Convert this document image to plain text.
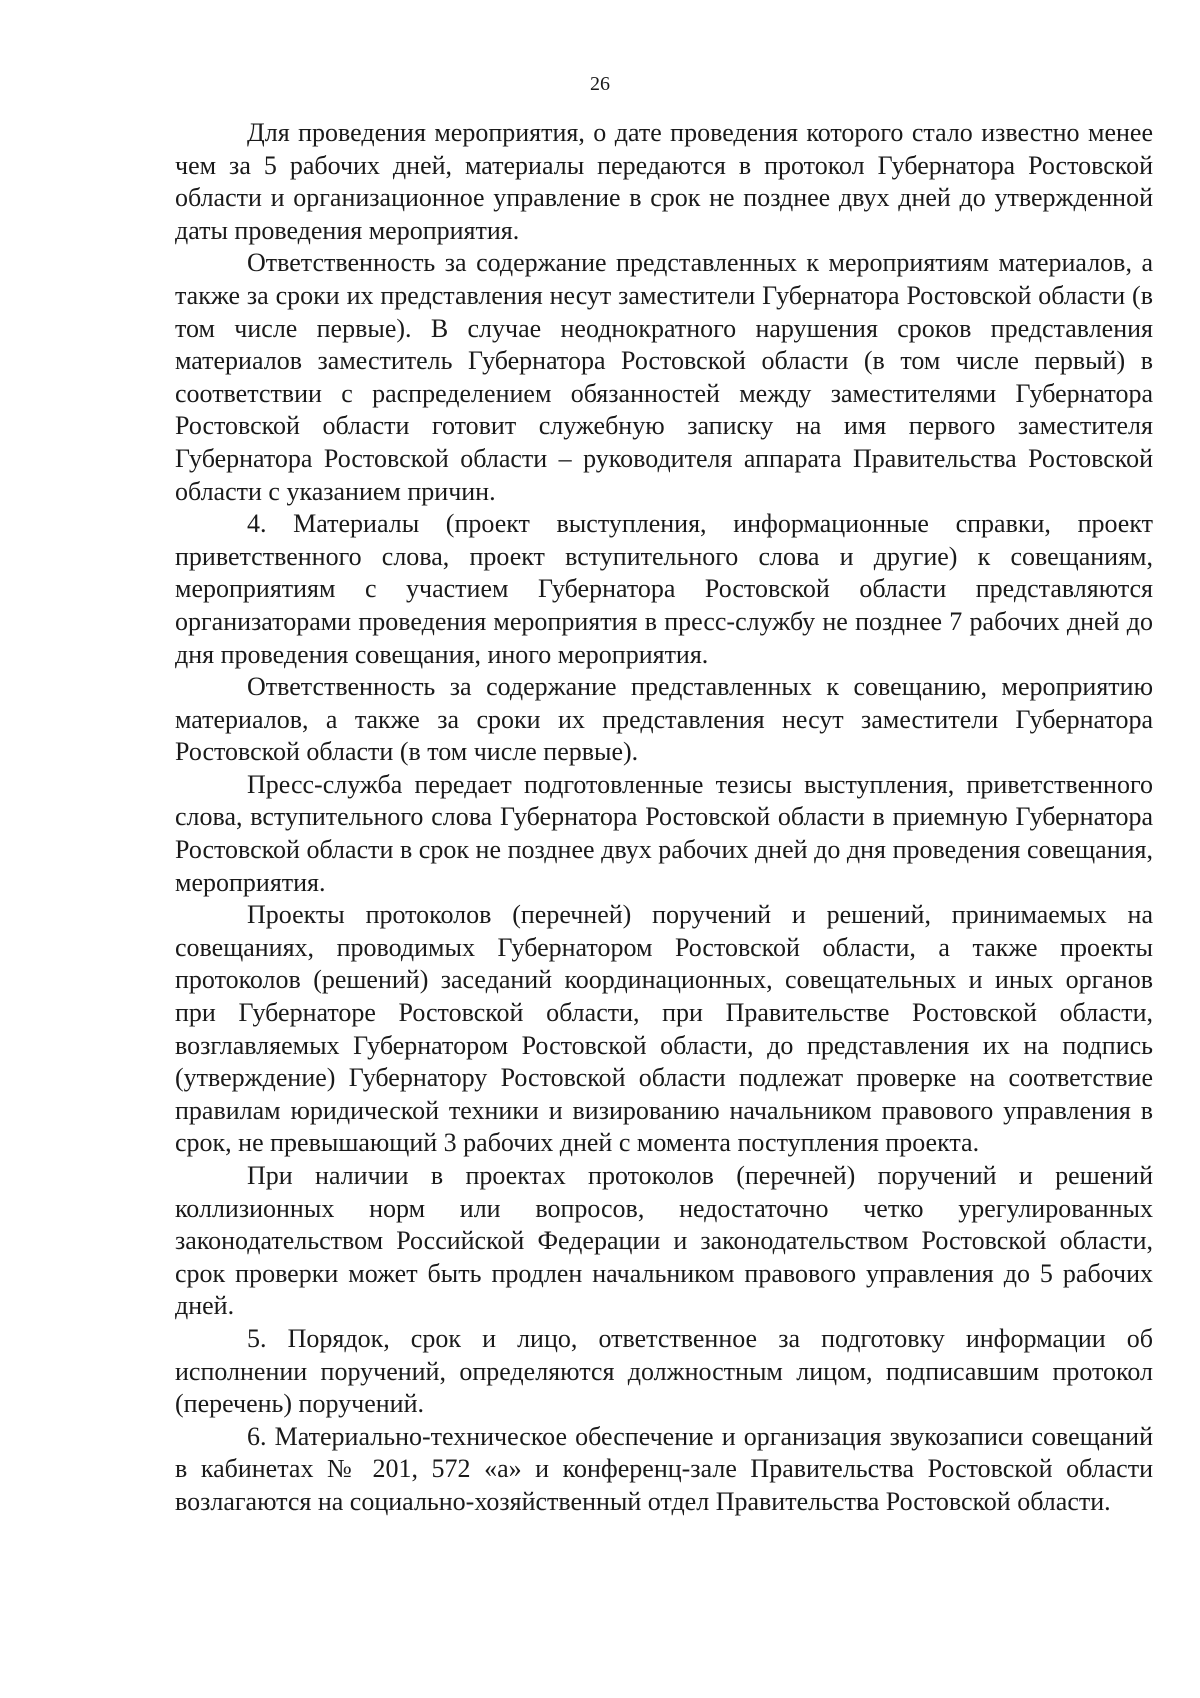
26

Для проведения мероприятия, о дате проведения которого стало известно менее чем за 5 рабочих дней, материалы передаются в протокол Губернатора Ростовской области и организационное управление в срок не позднее двух дней до утвержденной даты проведения мероприятия.

Ответственность за содержание представленных к мероприятиям материалов, а также за сроки их представления несут заместители Губернатора Ростовской области (в том числе первые). В случае неоднократного нарушения сроков представления материалов заместитель Губернатора Ростовской области (в том числе первый) в соответствии с распределением обязанностей между заместителями Губернатора Ростовской области готовит служебную записку на имя первого заместителя Губернатора Ростовской области – руководителя аппарата Правительства Ростовской области с указанием причин.

4. Материалы (проект выступления, информационные справки, проект приветственного слова, проект вступительного слова и другие) к совещаниям, мероприятиям с участием Губернатора Ростовской области представляются организаторами проведения мероприятия в пресс-службу не позднее 7 рабочих дней до дня проведения совещания, иного мероприятия.

Ответственность за содержание представленных к совещанию, мероприятию материалов, а также за сроки их представления несут заместители Губернатора Ростовской области (в том числе первые).

Пресс-служба передает подготовленные тезисы выступления, приветственного слова, вступительного слова Губернатора Ростовской области в приемную Губернатора Ростовской области в срок не позднее двух рабочих дней до дня проведения совещания, мероприятия.

Проекты протоколов (перечней) поручений и решений, принимаемых на совещаниях, проводимых Губернатором Ростовской области, а также проекты протоколов (решений) заседаний координационных, совещательных и иных органов при Губернаторе Ростовской области, при Правительстве Ростовской области, возглавляемых Губернатором Ростовской области, до представления их на подпись (утверждение) Губернатору Ростовской области подлежат проверке на соответствие правилам юридической техники и визированию начальником правового управления в срок, не превышающий 3 рабочих дней с момента поступления проекта.

При наличии в проектах протоколов (перечней) поручений и решений коллизионных норм или вопросов, недостаточно четко урегулированных законодательством Российской Федерации и законодательством Ростовской области, срок проверки может быть продлен начальником правового управления до 5 рабочих дней.

5. Порядок, срок и лицо, ответственное за подготовку информации об исполнении поручений, определяются должностным лицом, подписавшим протокол (перечень) поручений.

6. Материально-техническое обеспечение и организация звукозаписи совещаний в кабинетах № 201, 572 «а» и конференц-зале Правительства Ростовской области возлагаются на социально-хозяйственный отдел Правительства Ростовской области.
